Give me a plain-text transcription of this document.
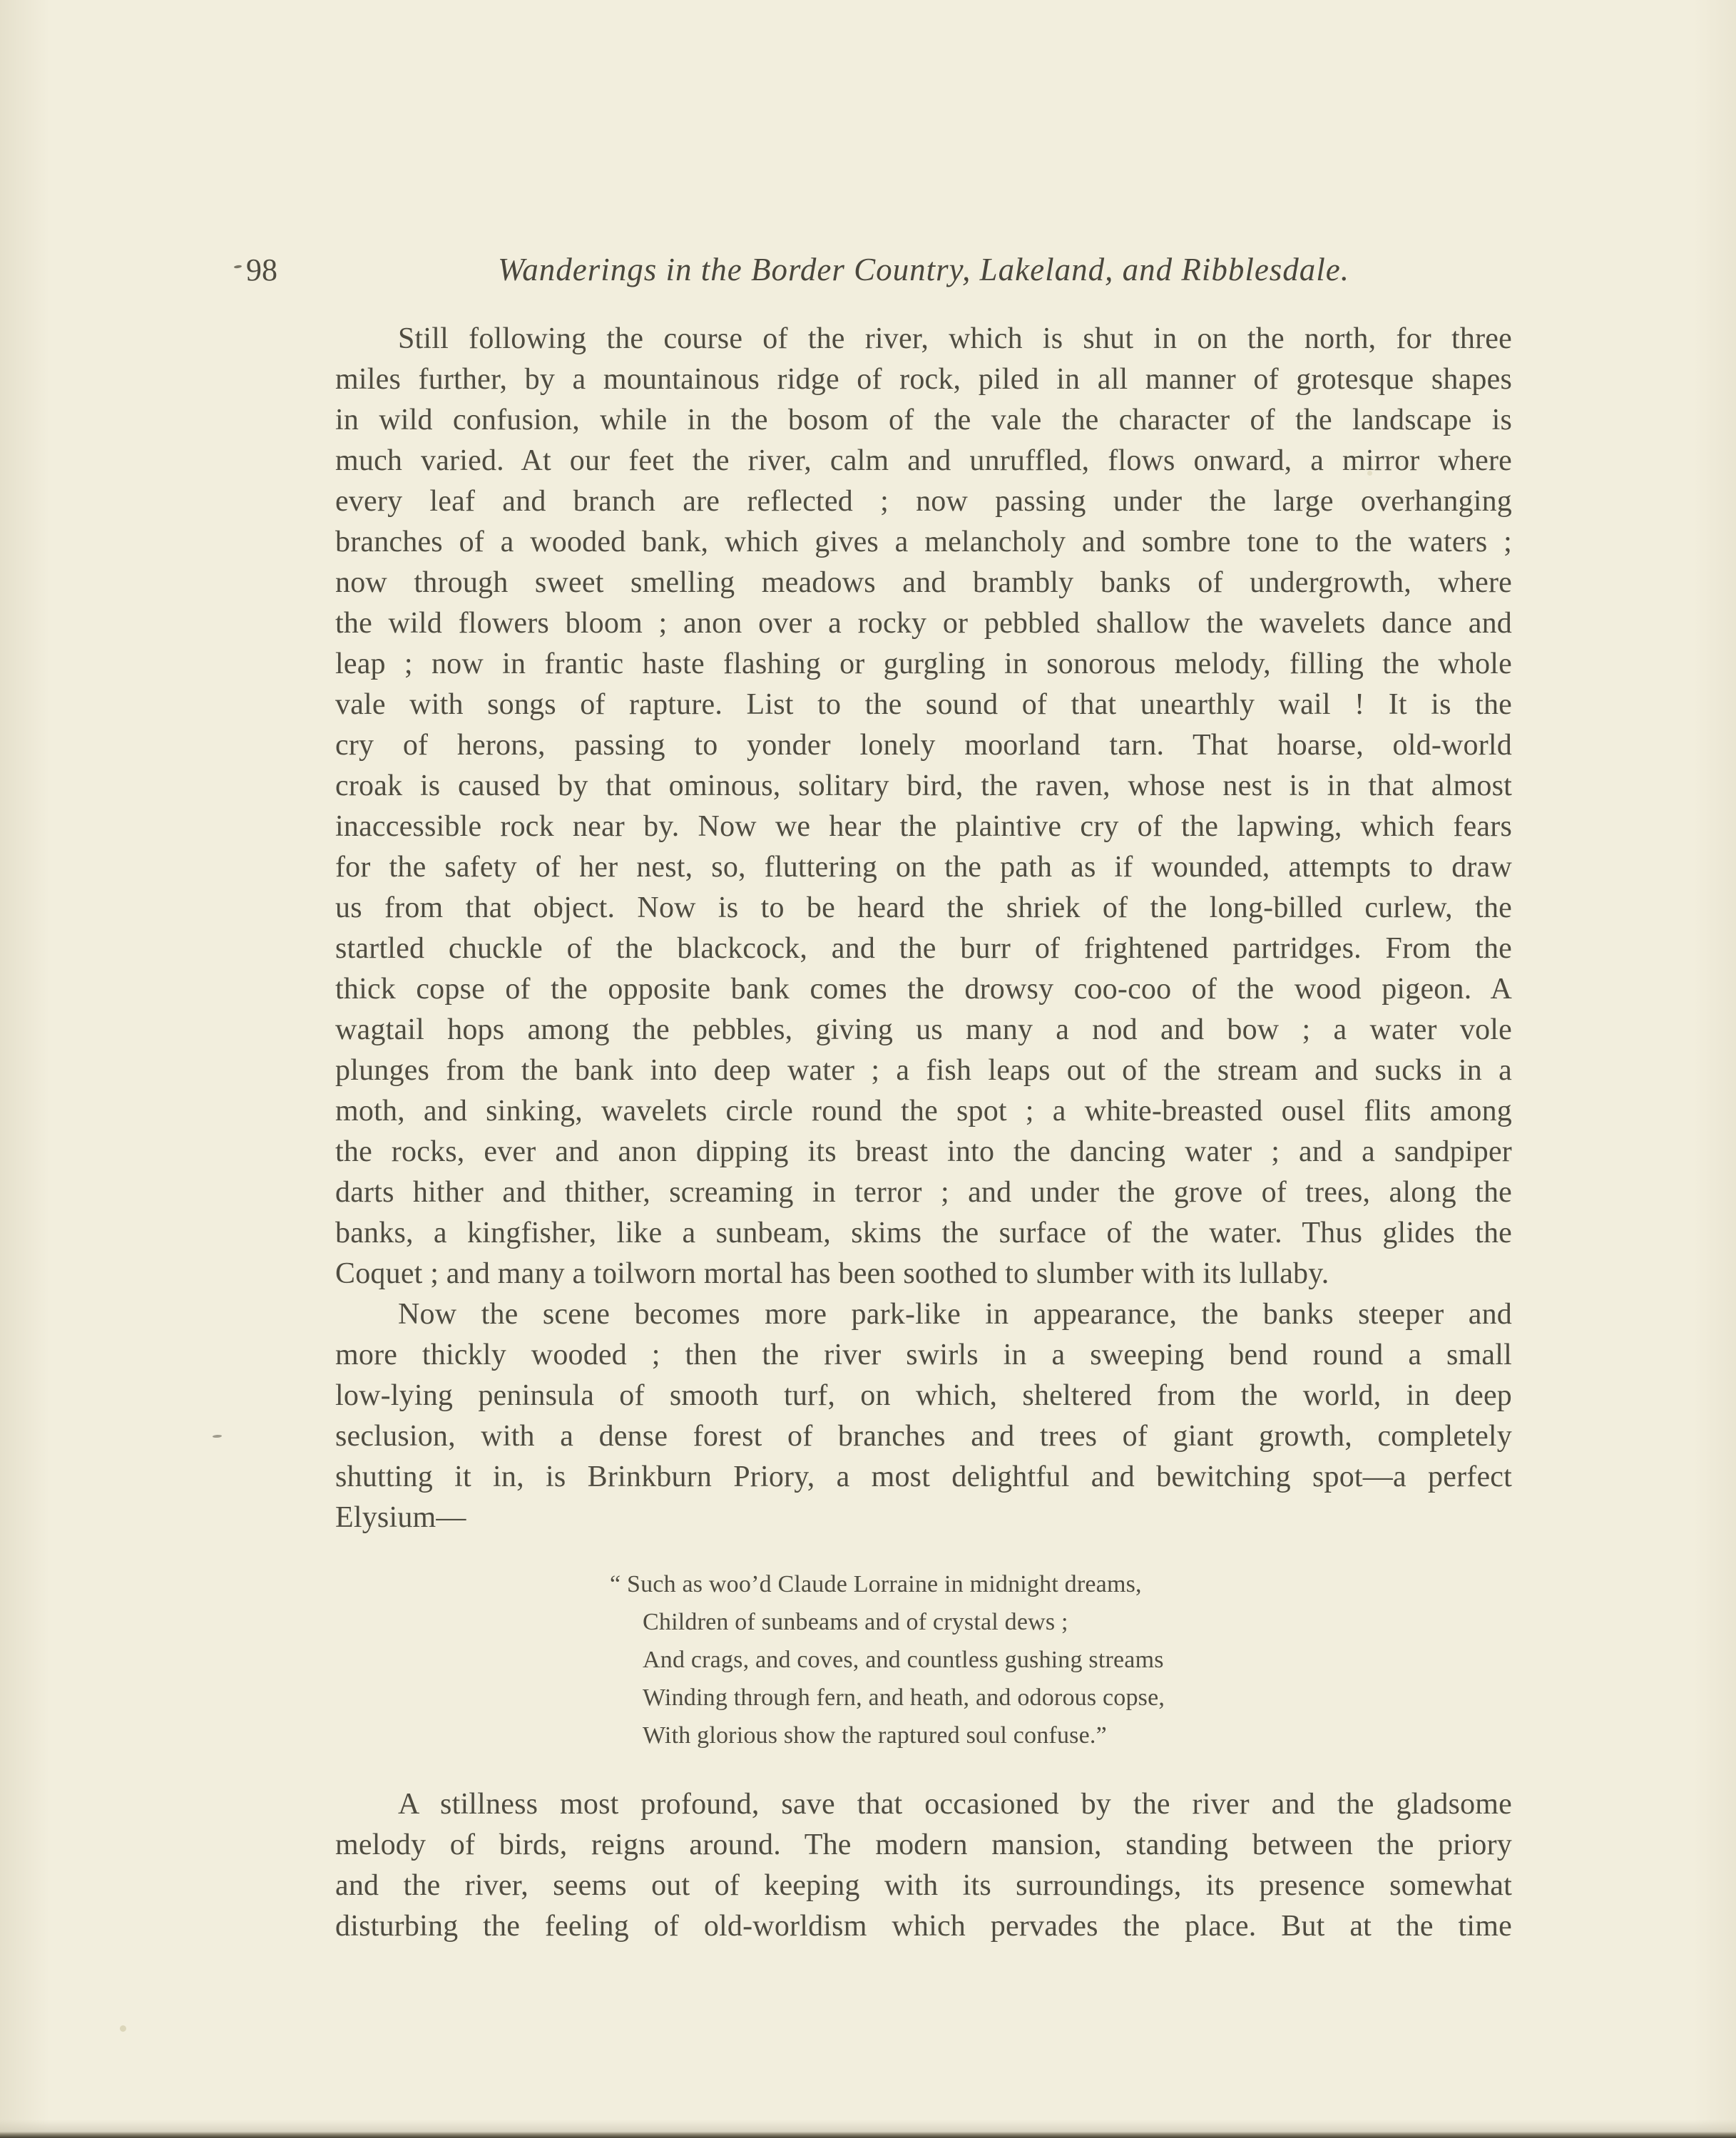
98	Wanderings in the Border Country, Lakeland, and Ribblesdale.
Still following the course of the river, which is shut in on the north, for three
miles further, by a mountainous ridge of rock, piled in all manner of grotesque shapes
in wild confusion, while in the bosom of the vale the character of the landscape is
much varied. At our feet the river, calm and unruffled, flows onward, a mirror where
every leaf and branch are reflected ; now passing under the large overhanging
branches of a wooded bank, which gives a melancholy and sombre tone to the waters ;
now through sweet smelling meadows and brambly banks of undergrowth, where
the wild flowers bloom ; anon over a rocky or pebbled shallow the wavelets dance and
leap ; now in frantic haste flashing or gurgling in sonorous melody, filling the whole
vale with songs of rapture. List to the sound of that unearthly wail ! It is the
cry of herons, passing to yonder lonely moorland tarn. That hoarse, old-world
croak is caused by that ominous, solitary bird, the raven, whose nest is in that almost
inaccessible rock near by. Now we hear the plaintive cry of the lapwing, which fears
for the safety of her nest, so, fluttering on the path as if wounded, attempts to draw
us from that object. Now is to be heard the shriek of the long-billed curlew, the
startled chuckle of the blackcock, and the burr of frightened partridges. From the
thick copse of the opposite bank comes the drowsy coo-coo of the wood pigeon. A
wagtail hops among the pebbles, giving us many a nod and bow ; a water vole
plunges from the bank into deep water ; a fish leaps out of the stream and sucks in a
moth, and sinking, wavelets circle round the spot ; a white-breasted ousel flits among
the rocks, ever and anon dipping its breast into the dancing water ; and a sandpiper
darts hither and thither, screaming in terror ; and under the grove of trees, along the
banks, a kingfisher, like a sunbeam, skims the surface of the water. Thus glides the
Coquet ; and many a toilworn mortal has been soothed to slumber with its lullaby.
Now the scene becomes more park-like in appearance, the banks steeper and
more thickly wooded ; then the river swirls in a sweeping bend round a small
low-lying peninsula of smooth turf, on which, sheltered from the world, in deep
seclusion, with a dense forest of branches and trees of giant growth, completely
shutting it in, is Brinkburn Priory, a most delightful and bewitching spot—a perfect
Elysium—
“ Such as woo’d Claude Lorraine in midnight dreams,
Children of sunbeams and of crystal dews ;
And crags, and coves, and countless gushing streams
Winding through fern, and heath, and odorous copse,
With glorious show the raptured soul confuse.”
A stillness most profound, save that occasioned by the river and the gladsome
melody of birds, reigns around. The modern mansion, standing between the priory
and the river, seems out of keeping with its surroundings, its presence somewhat
disturbing the feeling of old-worldism which pervades the place. But at the time
